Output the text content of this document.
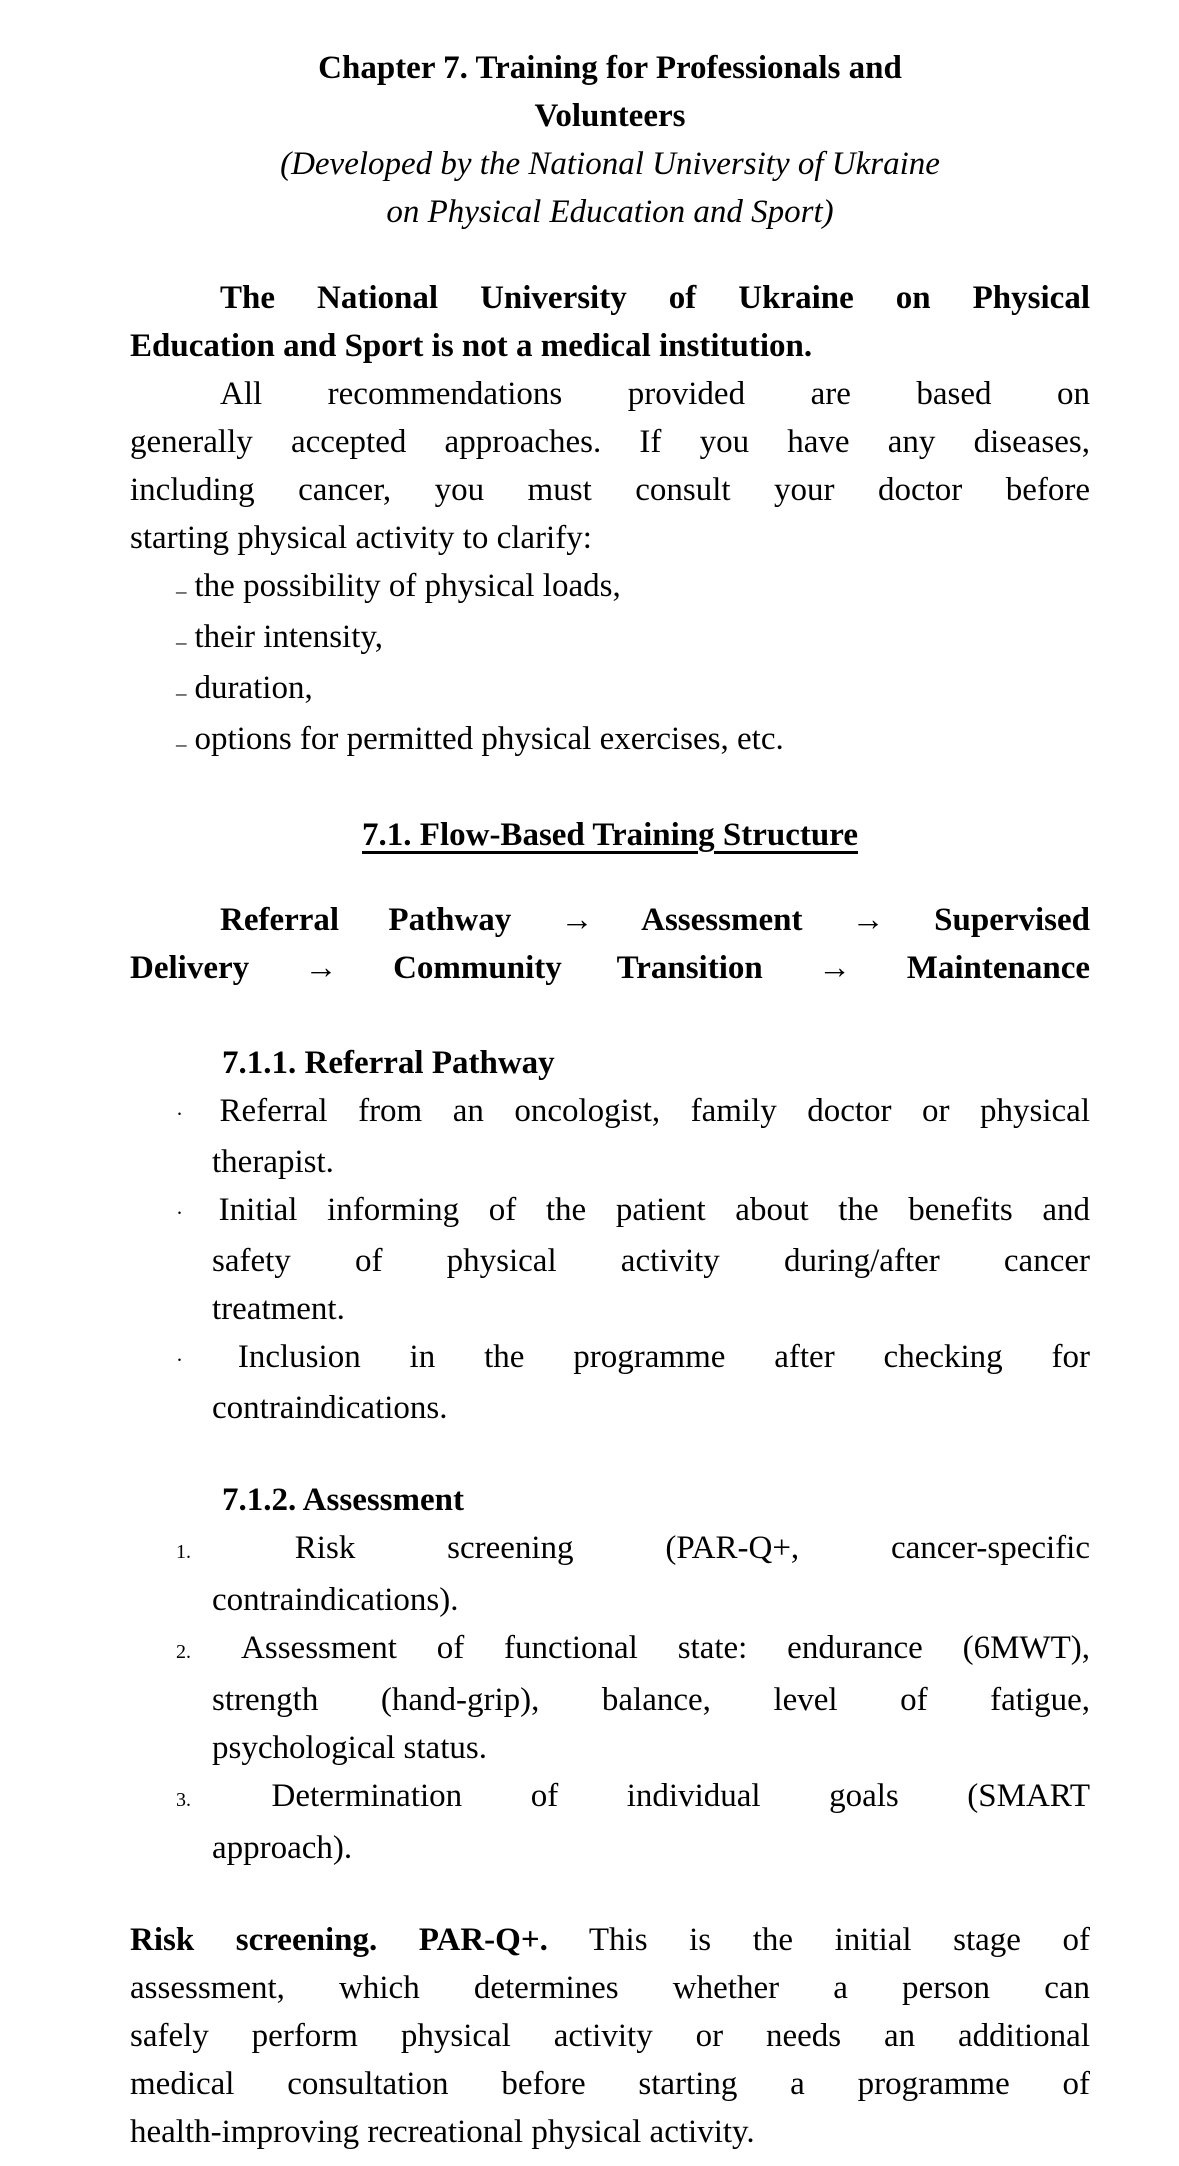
Chapter 7. Training for Professionals and
Volunteers
(Developed by the National University of Ukraine
on Physical Education and Sport)
The National University of Ukraine on Physical
Education and Sport is not a medical institution.
All recommendations provided are based on
generally accepted approaches. If you have any diseases,
including cancer, you must consult your doctor before
starting physical activity to clarify:
– the possibility of physical loads,
– their intensity,
– duration,
– options for permitted physical exercises, etc.
7.1. Flow-Based Training Structure
Referral Pathway → Assessment → Supervised
Delivery → Community Transition → Maintenance
7.1.1. Referral Pathway
· Referral from an oncologist, family doctor or physical
therapist.
· Initial informing of the patient about the benefits and
safety of physical activity during/after cancer
treatment.
· Inclusion in the programme after checking for
contraindications.
7.1.2. Assessment
1.	Risk screening (PAR-Q+, cancer-specific
contraindications).
2. Assessment of functional state: endurance (6MWT),
strength (hand-grip), balance, level of fatigue,
psychological status.
3. Determination of individual goals (SMART
approach).
Risk screening. PAR-Q+. This is the initial stage of
assessment, which determines whether a person can
safely perform physical activity or needs an additional
medical consultation before starting a programme of
health-improving recreational physical activity.
